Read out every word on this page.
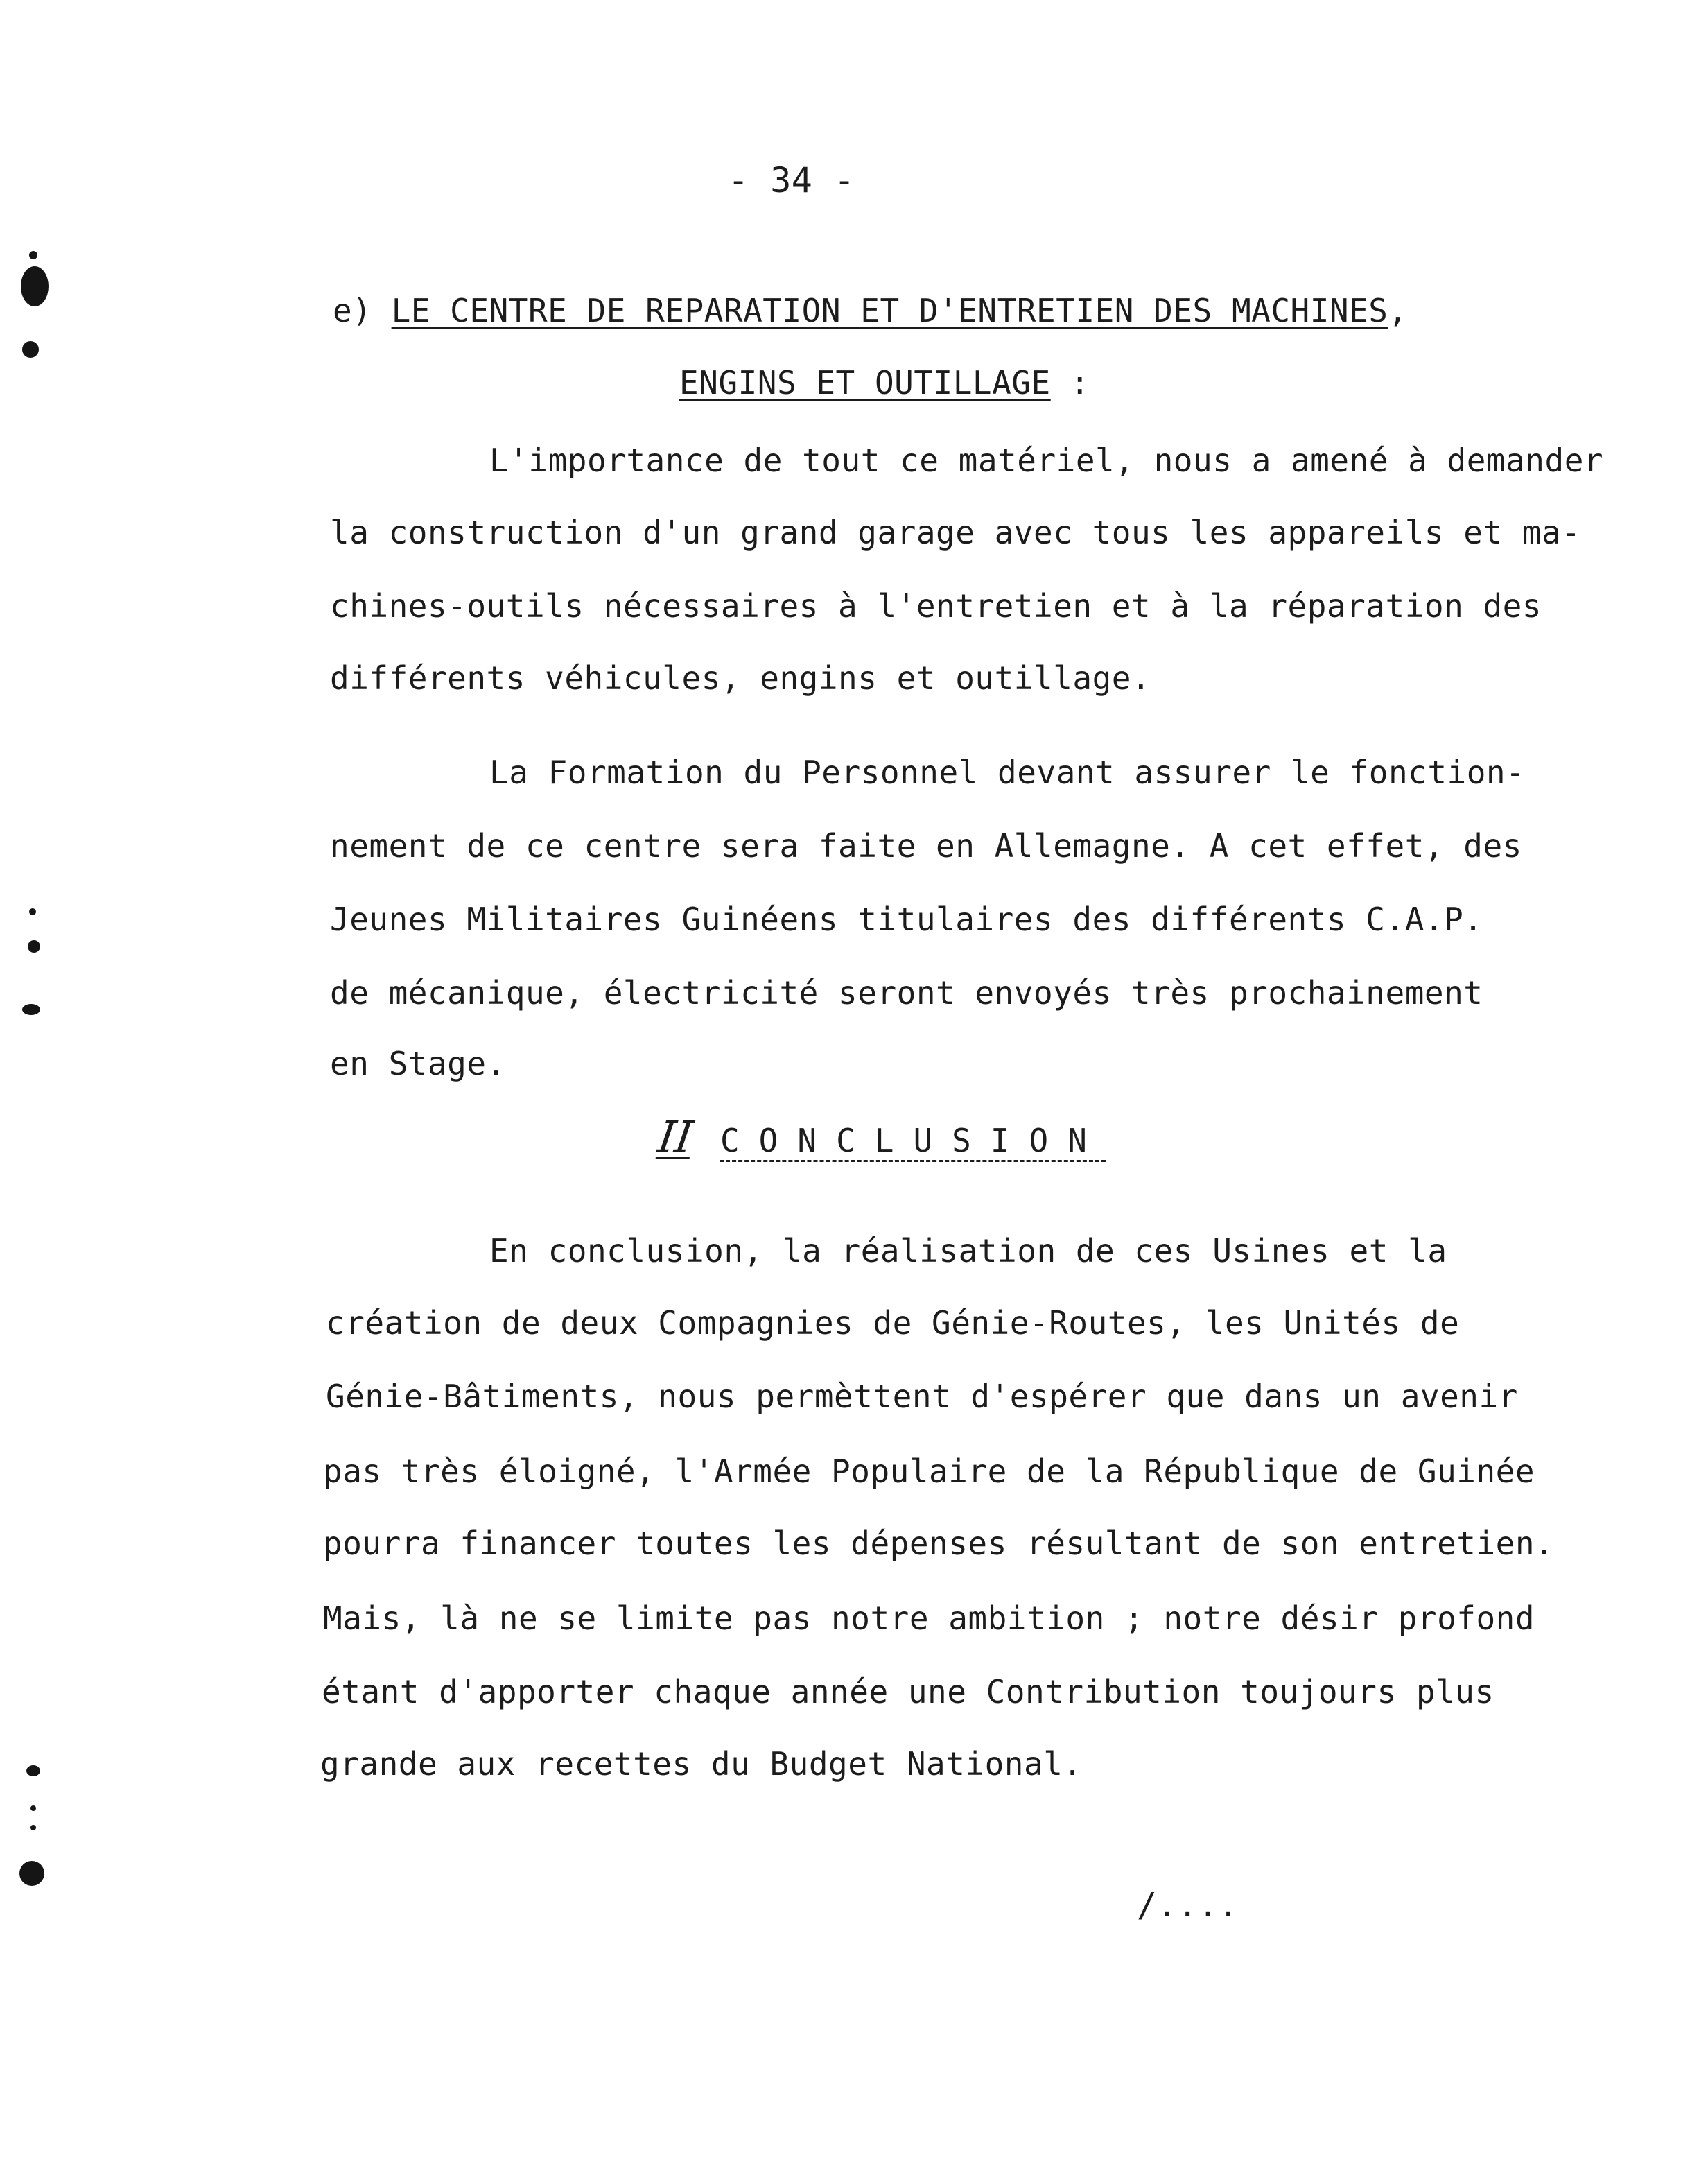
- 34 -
e) LE CENTRE DE REPARATION ET D'ENTRETIEN DES MACHINES,
ENGINS ET OUTILLAGE :
L'importance de tout ce matériel, nous a amené à demander
la construction d'un grand garage avec tous les appareils et ma-
chines-outils nécessaires à l'entretien et à la réparation des
différents véhicules, engins et outillage.
La Formation du Personnel devant assurer le fonction-
nement de ce centre sera faite en Allemagne. A cet effet, des
Jeunes Militaires Guinéens titulaires des différents C.A.P.
de mécanique, électricité seront envoyés très prochainement
en Stage.
II CONCLUSION
En conclusion, la réalisation de ces Usines et la
création de deux Compagnies de Génie-Routes, les Unités de
Génie-Bâtiments, nous permèttent d'espérer que dans un avenir
pas très éloigné, l'Armée Populaire de la République de Guinée
pourra financer toutes les dépenses résultant de son entretien.
Mais, là ne se limite pas notre ambition ; notre désir profond
étant d'apporter chaque année une Contribution toujours plus
grande aux recettes du Budget National.
/....
